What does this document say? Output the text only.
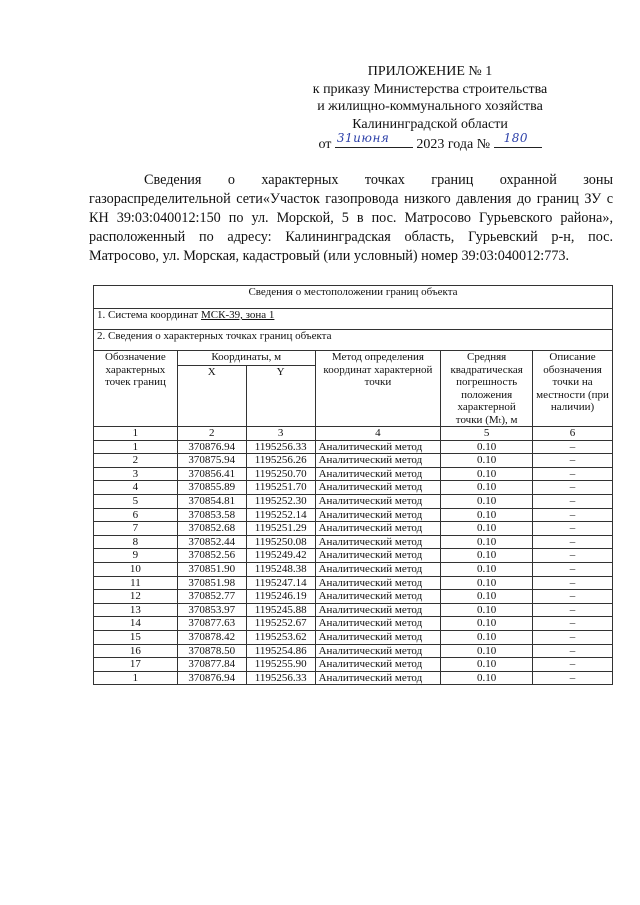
ПРИЛОЖЕНИЕ № 1
к приказу Министерства строительства
и жилищно-коммунального хозяйства
Калининградской области
от 31июня 2023 года № 180
Сведения о характерных точках границ охранной зоны газораспределительной сети«Участок газопровода низкого давления до границ ЗУ с КН 39:03:040012:150 по ул. Морской, 5 в пос. Матросово Гурьевского района», расположенный по адресу: Калининградская область, Гурьевский р-н, пос. Матросово, ул. Морская, кадастровый (или условный) номер 39:03:040012:773.
Сведения о местоположении границ объекта					
1. Система координат МСК-39, зона 1					
2. Сведения о характерных точках границ объекта					
Обозначение характерных точек границ	Координаты, м		Метод определения координат характерной точки	Средняя квадратическая погрешность положения характерной точки (Mₜ), м	Описание обозначения точки на местности (при наличии)
	X	Y			
1	2	3	4	5	6
1	370876.94	1195256.33	Аналитический метод	0.10	–
2	370875.94	1195256.26	Аналитический метод	0.10	–
3	370856.41	1195250.70	Аналитический метод	0.10	–
4	370855.89	1195251.70	Аналитический метод	0.10	–
5	370854.81	1195252.30	Аналитический метод	0.10	–
6	370853.58	1195252.14	Аналитический метод	0.10	–
7	370852.68	1195251.29	Аналитический метод	0.10	–
8	370852.44	1195250.08	Аналитический метод	0.10	–
9	370852.56	1195249.42	Аналитический метод	0.10	–
10	370851.90	1195248.38	Аналитический метод	0.10	–
11	370851.98	1195247.14	Аналитический метод	0.10	–
12	370852.77	1195246.19	Аналитический метод	0.10	–
13	370853.97	1195245.88	Аналитический метод	0.10	–
14	370877.63	1195252.67	Аналитический метод	0.10	–
15	370878.42	1195253.62	Аналитический метод	0.10	–
16	370878.50	1195254.86	Аналитический метод	0.10	–
17	370877.84	1195255.90	Аналитический метод	0.10	–
1	370876.94	1195256.33	Аналитический метод	0.10	–
